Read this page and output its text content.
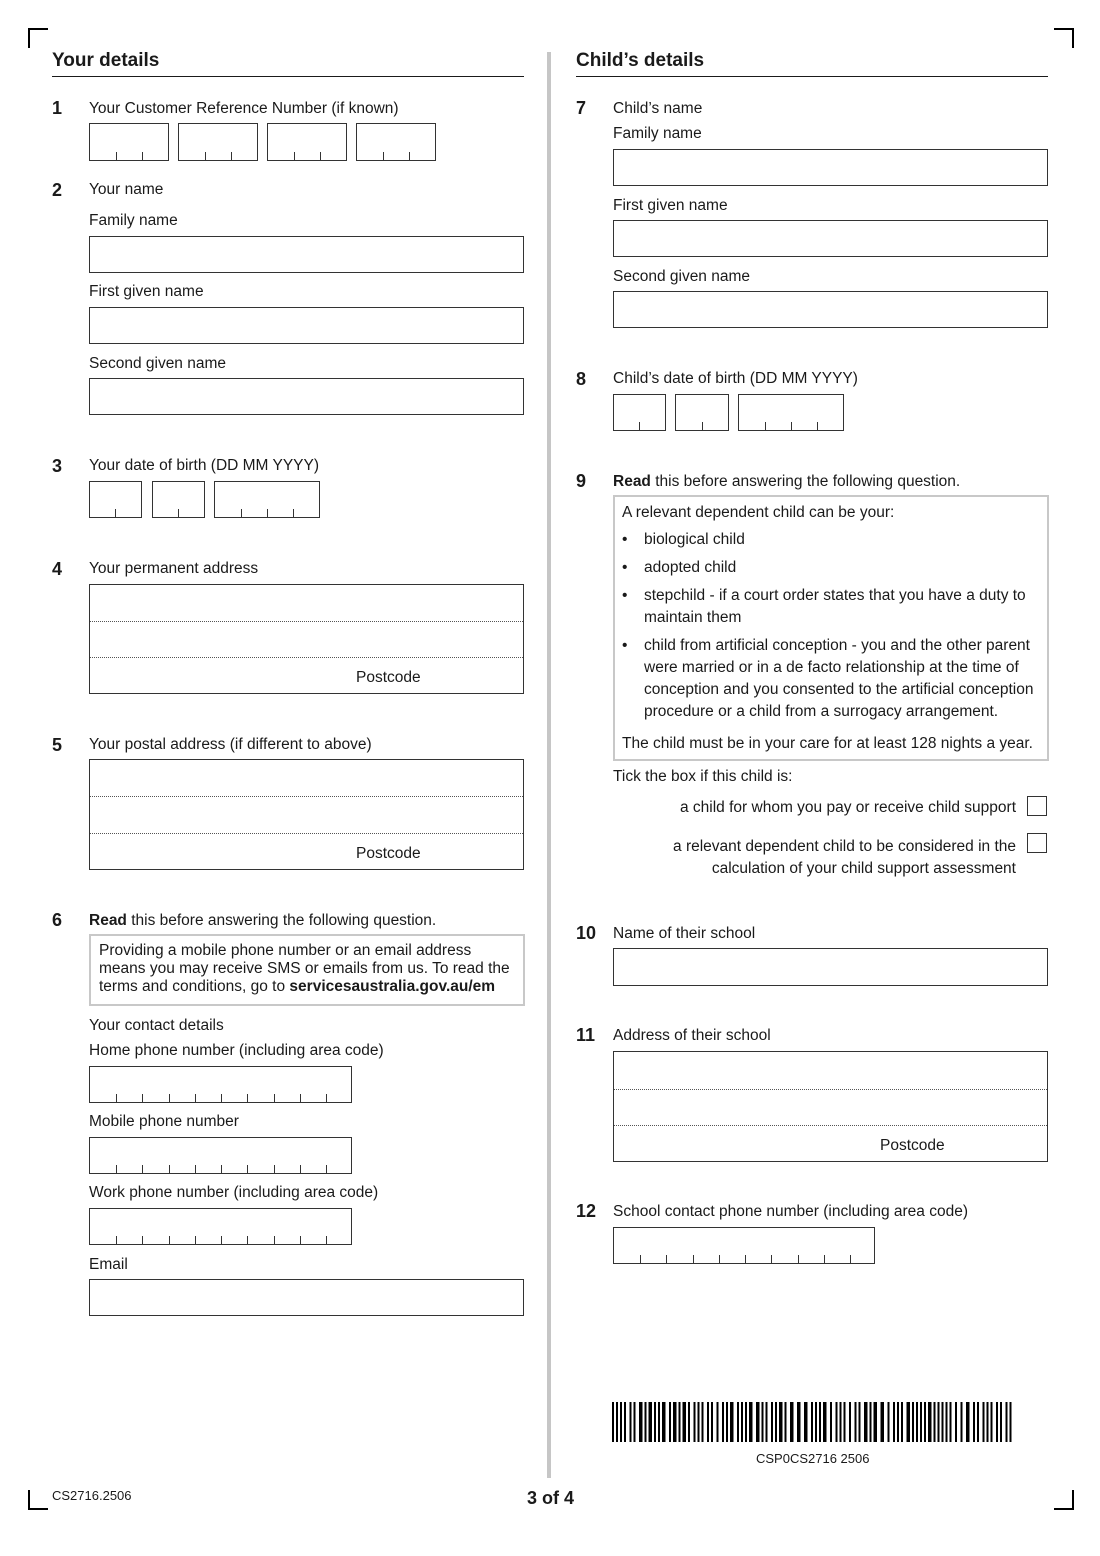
Your details
1 Your Customer Reference Number (if known)
2 Your name
Family name
First given name
Second given name
3 Your date of birth (DD MM YYYY)
4 Your permanent address
Postcode
5 Your postal address (if different to above)
Postcode
6 Read this before answering the following question.
Providing a mobile phone number or an email address
means you may receive SMS or emails from us. To read the
terms and conditions, go to servicesaustralia.gov.au/em
Your contact details
Home phone number (including area code)
Mobile phone number
Work phone number (including area code)
Email
Child’s details
7 Child’s name
Family name
First given name
Second given name
8 Child’s date of birth (DD MM YYYY)
9 Read this before answering the following question.
A relevant dependent child can be your:
• biological child
• adopted child
• stepchild - if a court order states that you have a duty to
maintain them
• child from artificial conception - you and the other parent
were married or in a de facto relationship at the time of
conception and you consented to the artificial conception
procedure or a child from a surrogacy arrangement.
The child must be in your care for at least 128 nights a year.
Tick the box if this child is:
a child for whom you pay or receive child support
a relevant dependent child to be considered in the
calculation of your child support assessment
10 Name of their school
11 Address of their school
Postcode
12 School contact phone number (including area code)
CSP0CS2716 2506
CS2716.2506	3 of 4
